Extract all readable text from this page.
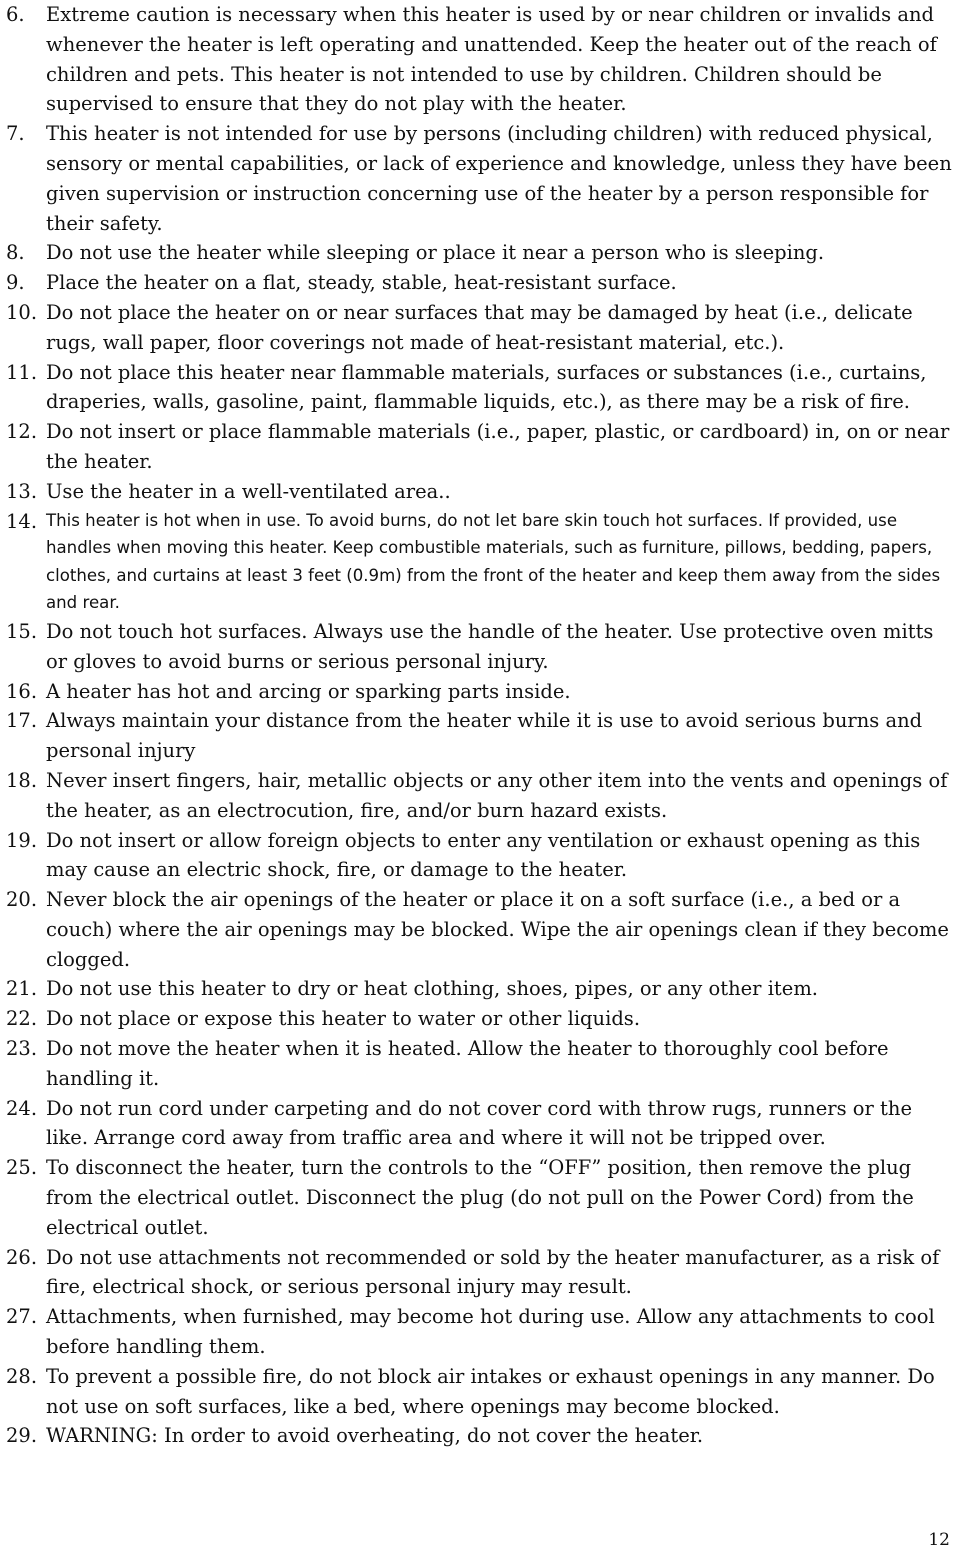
6.	Extreme caution is necessary when this heater is used by or near children or invalids and whenever the heater is left operating and unattended. Keep the heater out of the reach of children and pets. This heater is not intended to use by children. Children should be supervised to ensure that they do not play with the heater.
7.	This heater is not intended for use by persons (including children) with reduced physical, sensory or mental capabilities, or lack of experience and knowledge, unless they have been given supervision or instruction concerning use of the heater by a person responsible for their safety.
8.	Do not use the heater while sleeping or place it near a person who is sleeping.
9.	Place the heater on a flat, steady, stable, heat-resistant surface.
10. Do not place the heater on or near surfaces that may be damaged by heat (i.e., delicate rugs, wall paper, floor coverings not made of heat-resistant material, etc.).
11. Do not place this heater near flammable materials, surfaces or substances (i.e., curtains, draperies, walls, gasoline, paint, flammable liquids, etc.), as there may be a risk of fire.
12. Do not insert or place flammable materials (i.e., paper, plastic, or cardboard) in, on or near the heater.
13. Use the heater in a well-ventilated area..
14. This heater is hot when in use. To avoid burns, do not let bare skin touch hot surfaces. If provided, use handles when moving this heater. Keep combustible materials, such as furniture, pillows, bedding, papers, clothes, and curtains at least 3 feet (0.9m) from the front of the heater and keep them away from the sides and rear.
15. Do not touch hot surfaces. Always use the handle of the heater. Use protective oven mitts or gloves to avoid burns or serious personal injury.
16. A heater has hot and arcing or sparking parts inside.
17. Always maintain your distance from the heater while it is use to avoid serious burns and personal injury
18. Never insert fingers, hair, metallic objects or any other item into the vents and openings of the heater, as an electrocution, fire, and/or burn hazard exists.
19. Do not insert or allow foreign objects to enter any ventilation or exhaust opening as this may cause an electric shock, fire, or damage to the heater.
20. Never block the air openings of the heater or place it on a soft surface (i.e., a bed or a couch) where the air openings may be blocked. Wipe the air openings clean if they become clogged.
21. Do not use this heater to dry or heat clothing, shoes, pipes, or any other item.
22. Do not place or expose this heater to water or other liquids.
23. Do not move the heater when it is heated. Allow the heater to thoroughly cool before handling it.
24. Do not run cord under carpeting and do not cover cord with throw rugs, runners or the like. Arrange cord away from traffic area and where it will not be tripped over.
25. To disconnect the heater, turn the controls to the “OFF” position, then remove the plug from the electrical outlet. Disconnect the plug (do not pull on the Power Cord) from the electrical outlet.
26. Do not use attachments not recommended or sold by the heater manufacturer, as a risk of fire, electrical shock, or serious personal injury may result.
27. Attachments, when furnished, may become hot during use. Allow any attachments to cool before handling them.
28. To prevent a possible fire, do not block air intakes or exhaust openings in any manner. Do not use on soft surfaces, like a bed, where openings may become blocked.
29. WARNING: In order to avoid overheating, do not cover the heater.
12
